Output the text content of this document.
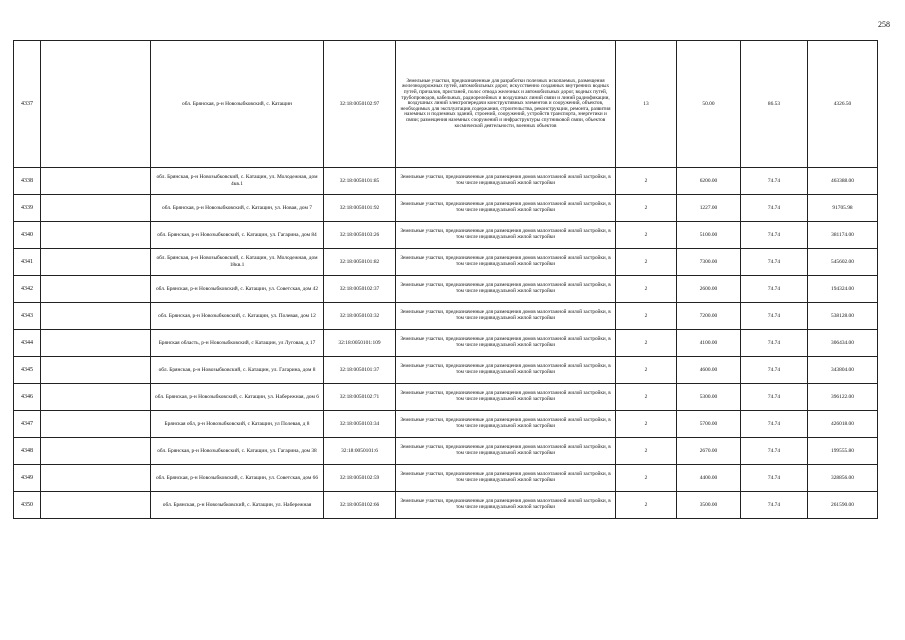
258
4337		обл. Брянская, р-н Новозыбковский, с. Катащин	32:18:0050102:97	Земельные участки, предназначенные для разработки полезных ископаемых, размещения железнодорожных путей, автомобильных дорог, искусственно созданных внутренних водных путей, причалов, пристаней, полос отвода железных и автомобильных дорог, водных путей, трубопроводов, кабельных, радиорелейных и воздушных линий связи и линий радиофикации, воздушных линий электропередачи конструктивных элементов и сооружений, объектов, необходимых для эксплуатации,содержания, строительства, реконструкции, ремонта, развития наземных и подземных зданий, строений, сооружений, устройств транспорта, энергетики и связи; размещения наземных сооружений и инфраструктуры спутниковой связи, объектов космической деятельности, военных объектов	13	50.00	86.53	4326.50
4338		обл. Брянская, р-н Новозыбковский, с. Катащин, ул. Молодежная, дом 4кв.1	32:18:0050101:85	Земельные участки, предназначенные для размещения домов малоэтажной жилой застройки, в том числе индивидуальной жилой застройки	2	6200.00	74.74	463388.00
4339		обл. Брянская, р-н Новозыбковский, с. Катащин, ул. Новая, дом 7	32:18:0050101:92	Земельные участки, предназначенные для размещения домов малоэтажной жилой застройки, в том числе индивидуальной жилой застройки	2	1227.00	74.74	91705.98
4340		обл. Брянская, р-н Новозыбковский, с. Катащин, ул. Гагарина, дом 84	32:18:0050103:26	Земельные участки, предназначенные для размещения домов малоэтажной жилой застройки, в том числе индивидуальной жилой застройки	2	5100.00	74.74	381174.00
4341		обл. Брянская, р-н Новозыбковский, с. Катащин, ул. Молодежная, дом 18кв.1	32:18:0050101:82	Земельные участки, предназначенные для размещения домов малоэтажной жилой застройки, в том числе индивидуальной жилой застройки	2	7300.00	74.74	545602.00
4342		обл. Брянская, р-н Новозыбковский, с. Катащин, ул. Советская, дом 42	32:18:0050102:37	Земельные участки, предназначенные для размещения домов малоэтажной жилой застройки, в том числе индивидуальной жилой застройки	2	2600.00	74.74	194324.00
4343		обл. Брянская, р-н Новозыбковский, с. Катащин, ул. Полевая, дом 12	32:18:0050103:32	Земельные участки, предназначенные для размещения домов малоэтажной жилой застройки, в том числе индивидуальной жилой застройки	2	7200.00	74.74	538128.00
4344		Брянская область, р-н Новозыбковский, с Катащин, ул Луговая, д 17	32:18:0050101:109	Земельные участки, предназначенные для размещения домов малоэтажной жилой застройки, в том числе индивидуальной жилой застройки	2	4100.00	74.74	306434.00
4345		обл. Брянская, р-н Новозыбковский, с. Катащин, ул. Гагарина, дом 8	32:18:0050101:37	Земельные участки, предназначенные для размещения домов малоэтажной жилой застройки, в том числе индивидуальной жилой застройки	2	4600.00	74.74	343804.00
4346		обл. Брянская, р-н Новозыбковский, с. Катащин, ул. Набережная, дом 6	32:18:0050102:71	Земельные участки, предназначенные для размещения домов малоэтажной жилой застройки, в том числе индивидуальной жилой застройки	2	5300.00	74.74	396122.00
4347		Брянская обл, р-н Новозыбковский, с Катащин, ул Полевая, д 8	32:18:0050103:34	Земельные участки, предназначенные для размещения домов малоэтажной жилой застройки, в том числе индивидуальной жилой застройки	2	5700.00	74.74	426018.00
4348		обл. Брянская, р-н Новозыбковский, с. Катащин, ул. Гагарина, дом 38	32:18:0050101:6	Земельные участки, предназначенные для размещения домов малоэтажной жилой застройки, в том числе индивидуальной жилой застройки	2	2670.00	74.74	199555.80
4349		обл. Брянская, р-н Новозыбковский, с. Катащин, ул. Советская, дом 66	32:18:0050102:59	Земельные участки, предназначенные для размещения домов малоэтажной жилой застройки, в том числе индивидуальной жилой застройки	2	4400.00	74.74	328856.00
4350		обл. Брянская, р-н Новозыбковский, с. Катащин, ул. Набережная	32:18:0050102:66	Земельные участки, предназначенные для размещения домов малоэтажной жилой застройки, в том числе индивидуальной жилой застройки	2	3500.00	74.74	261590.00
